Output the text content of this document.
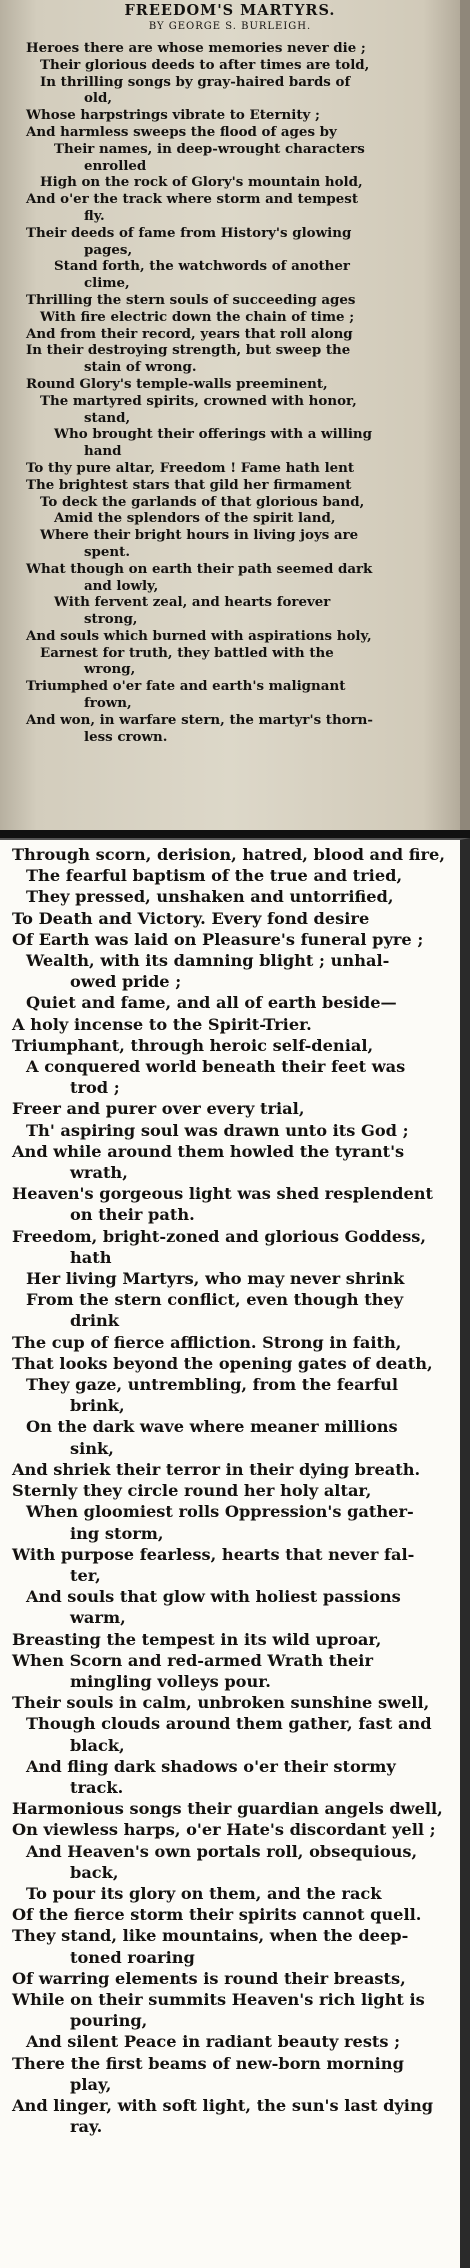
FREEDOM'S MARTYRS.
BY GEORGE S. BURLEIGH.
Heroes there are whose memories never die ;
Their glorious deeds to after times are told,
In thrilling songs by gray-haired bards of
old,
Whose harpstrings vibrate to Eternity ;
And harmless sweeps the flood of ages by
Their names, in deep-wrought characters
enrolled
High on the rock of Glory's mountain hold,
And o'er the track where storm and tempest
fly.
Their deeds of fame from History's glowing
pages,
Stand forth, the watchwords of another
clime,
Thrilling the stern souls of succeeding ages
With fire electric down the chain of time ;
And from their record, years that roll along
In their destroying strength, but sweep the
stain of wrong.
Round Glory's temple-walls preeminent,
The martyred spirits, crowned with honor,
stand,
Who brought their offerings with a willing
hand
To thy pure altar, Freedom ! Fame hath lent
The brightest stars that gild her firmament
To deck the garlands of that glorious band,
Amid the splendors of the spirit land,
Where their bright hours in living joys are
spent.
What though on earth their path seemed dark
and lowly,
With fervent zeal, and hearts forever
strong,
And souls which burned with aspirations holy,
Earnest for truth, they battled with the
wrong,
Triumphed o'er fate and earth's malignant
frown,
And won, in warfare stern, the martyr's thorn-
less crown.
Through scorn, derision, hatred, blood and fire,
The fearful baptism of the true and tried,
They pressed, unshaken and untorrified,
To Death and Victory. Every fond desire
Of Earth was laid on Pleasure's funeral pyre ;
Wealth, with its damning blight ; unhal-
owed pride ;
Quiet and fame, and all of earth beside—
A holy incense to the Spirit-Trier.
Triumphant, through heroic self-denial,
A conquered world beneath their feet was
trod ;
Freer and purer over every trial,
Th' aspiring soul was drawn unto its God ;
And while around them howled the tyrant's
wrath,
Heaven's gorgeous light was shed resplendent
on their path.
Freedom, bright-zoned and glorious Goddess,
hath
Her living Martyrs, who may never shrink
From the stern conflict, even though they
drink
The cup of fierce affliction. Strong in faith,
That looks beyond the opening gates of death,
They gaze, untrembling, from the fearful
brink,
On the dark wave where meaner millions
sink,
And shriek their terror in their dying breath.
Sternly they circle round her holy altar,
When gloomiest rolls Oppression's gather-
ing storm,
With purpose fearless, hearts that never fal-
ter,
And souls that glow with holiest passions
warm,
Breasting the tempest in its wild uproar,
When Scorn and red-armed Wrath their
mingling volleys pour.
Their souls in calm, unbroken sunshine swell,
Though clouds around them gather, fast and
black,
And fling dark shadows o'er their stormy
track.
Harmonious songs their guardian angels dwell,
On viewless harps, o'er Hate's discordant yell ;
And Heaven's own portals roll, obsequious,
back,
To pour its glory on them, and the rack
Of the fierce storm their spirits cannot quell.
They stand, like mountains, when the deep-
toned roaring
Of warring elements is round their breasts,
While on their summits Heaven's rich light is
pouring,
And silent Peace in radiant beauty rests ;
There the first beams of new-born morning
play,
And linger, with soft light, the sun's last dying
ray.
